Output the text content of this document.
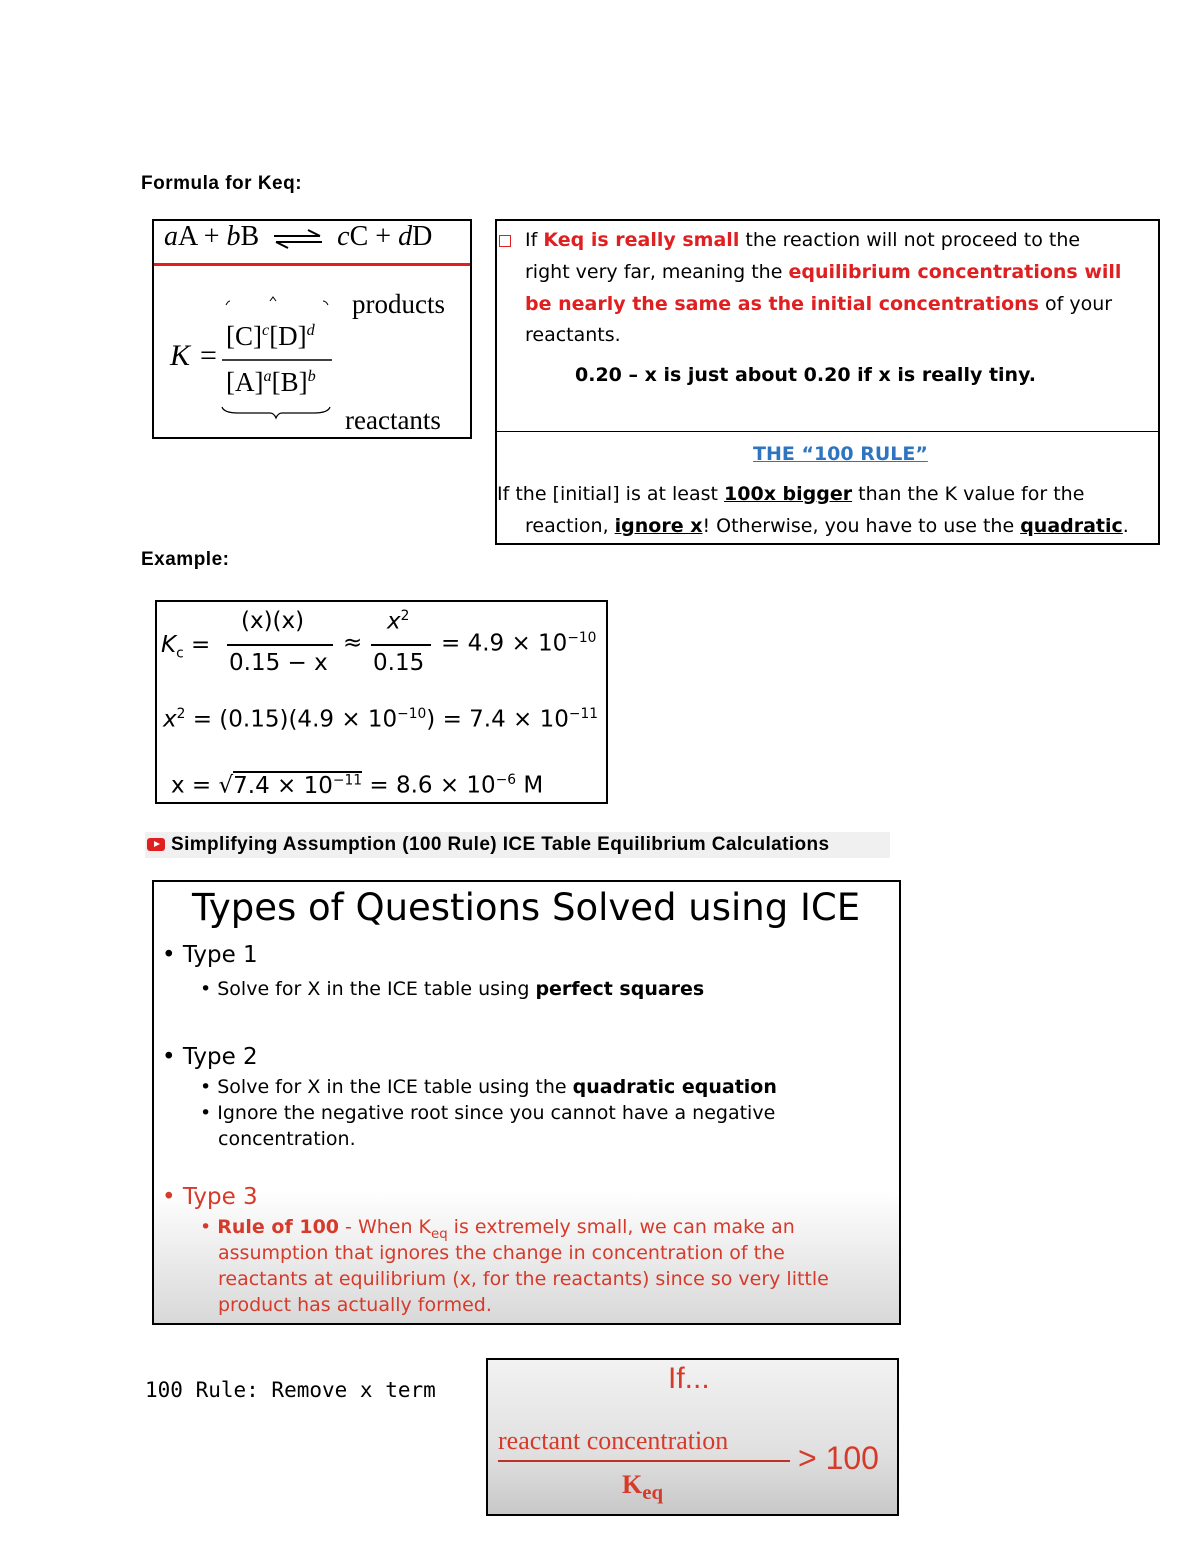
Formula for Keq:
aA + bB ⇌ cC + dD
K =
$[C]^c[D]^d$
$[A]^a[B]^b$
products
reactants
If Keq is really small the reaction will not proceed to the
right very far, meaning the equilibrium concentrations will
be nearly the same as the initial concentrations of your
reactants.
0.20 – x is just about 0.20 if x is really tiny.
THE “100 RULE”
If the [initial] is at least 100x bigger than the K value for the
reaction, ignore x! Otherwise, you have to use the quadratic.
Example:
$K_c$ =
(x)(x)
0.15 − x
≈
$x^2$
0.15
= $4.9 \times 10^{-10}$
$x^2 = (0.15)(4.9 \times 10^{-10}) = 7.4 \times 10^{-11}$
$x = √7.4 \times 10^{-11} = 8.6 \times 10^{-6}$ M
Simplifying Assumption (100 Rule) ICE Table Equilibrium Calculations
Types of Questions Solved using ICE
• Type 1
• Solve for X in the ICE table using perfect squares
• Type 2
• Solve for X in the ICE table using the quadratic equation
• Ignore the negative root since you cannot have a negative
concentration.
• Type 3
• Rule of 100 - When $K_{eq}$ is extremely small, we can make an
assumption that ignores the change in concentration of the
reactants at equilibrium (x, for the reactants) since so very little
product has actually formed.
100 Rule: Remove x term	If...
reactant concentration
$K_{eq}$
> 100
